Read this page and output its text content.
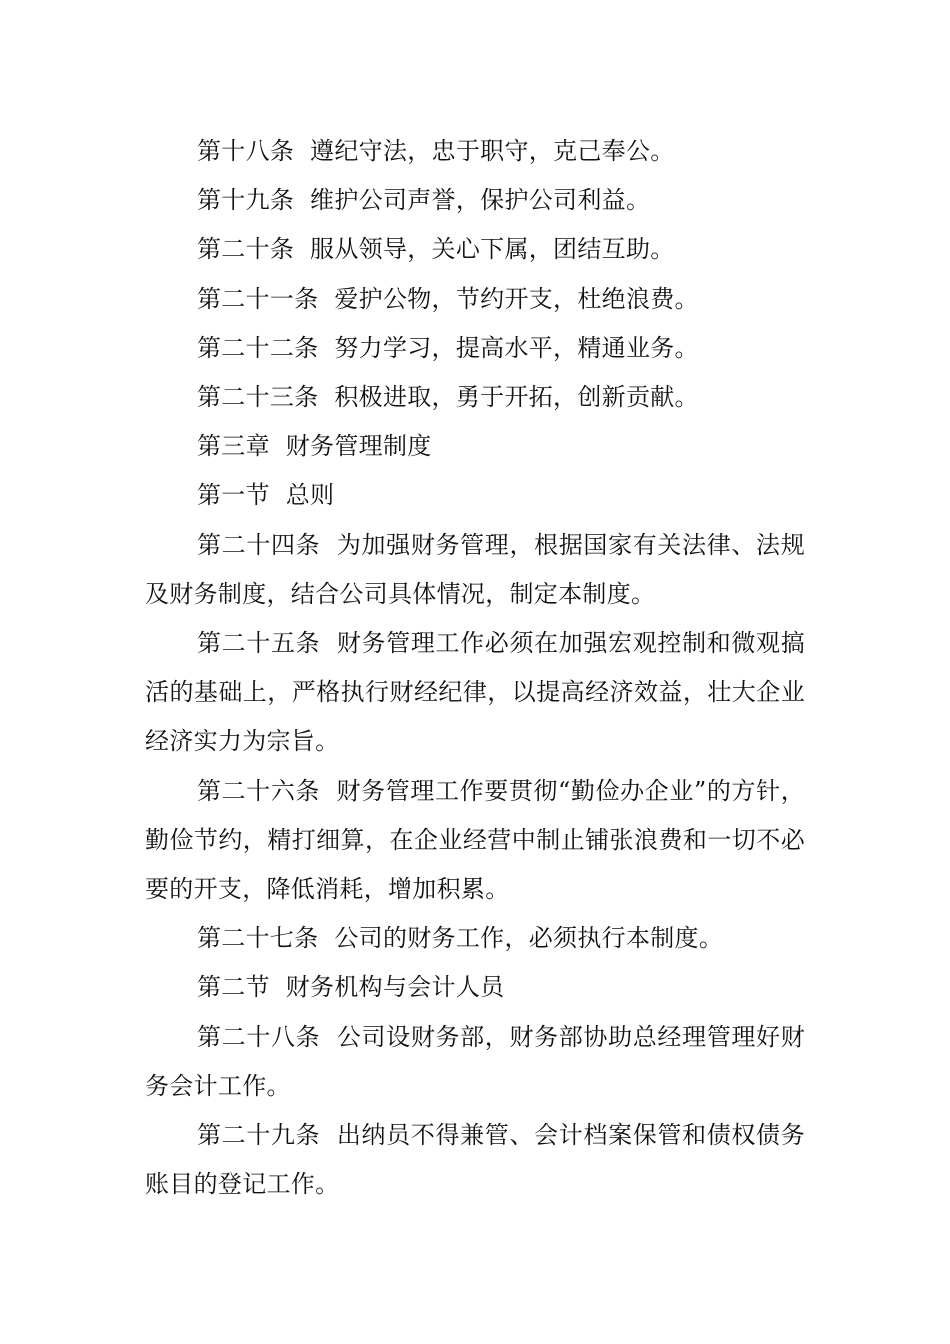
第十八条  遵纪守法，忠于职守，克己奉公。

第十九条  维护公司声誉，保护公司利益。

第二十条  服从领导，关心下属，团结互助。

第二十一条  爱护公物，节约开支，杜绝浪费。

第二十二条  努力学习，提高水平，精通业务。

第二十三条  积极进取，勇于开拓，创新贡献。

第三章  财务管理制度

第一节  总则

第二十四条  为加强财务管理，根据国家有关法律、法规及财务制度，结合公司具体情况，制定本制度。

第二十五条  财务管理工作必须在加强宏观控制和微观搞活的基础上，严格执行财经纪律，以提高经济效益，壮大企业经济实力为宗旨。

第二十六条  财务管理工作要贯彻“勤俭办企业”的方针，勤俭节约，精打细算，在企业经营中制止铺张浪费和一切不必要的开支，降低消耗，增加积累。

第二十七条  公司的财务工作，必须执行本制度。

第二节  财务机构与会计人员

第二十八条  公司设财务部，财务部协助总经理管理好财务会计工作。

第二十九条  出纳员不得兼管、会计档案保管和债权债务账目的登记工作。
